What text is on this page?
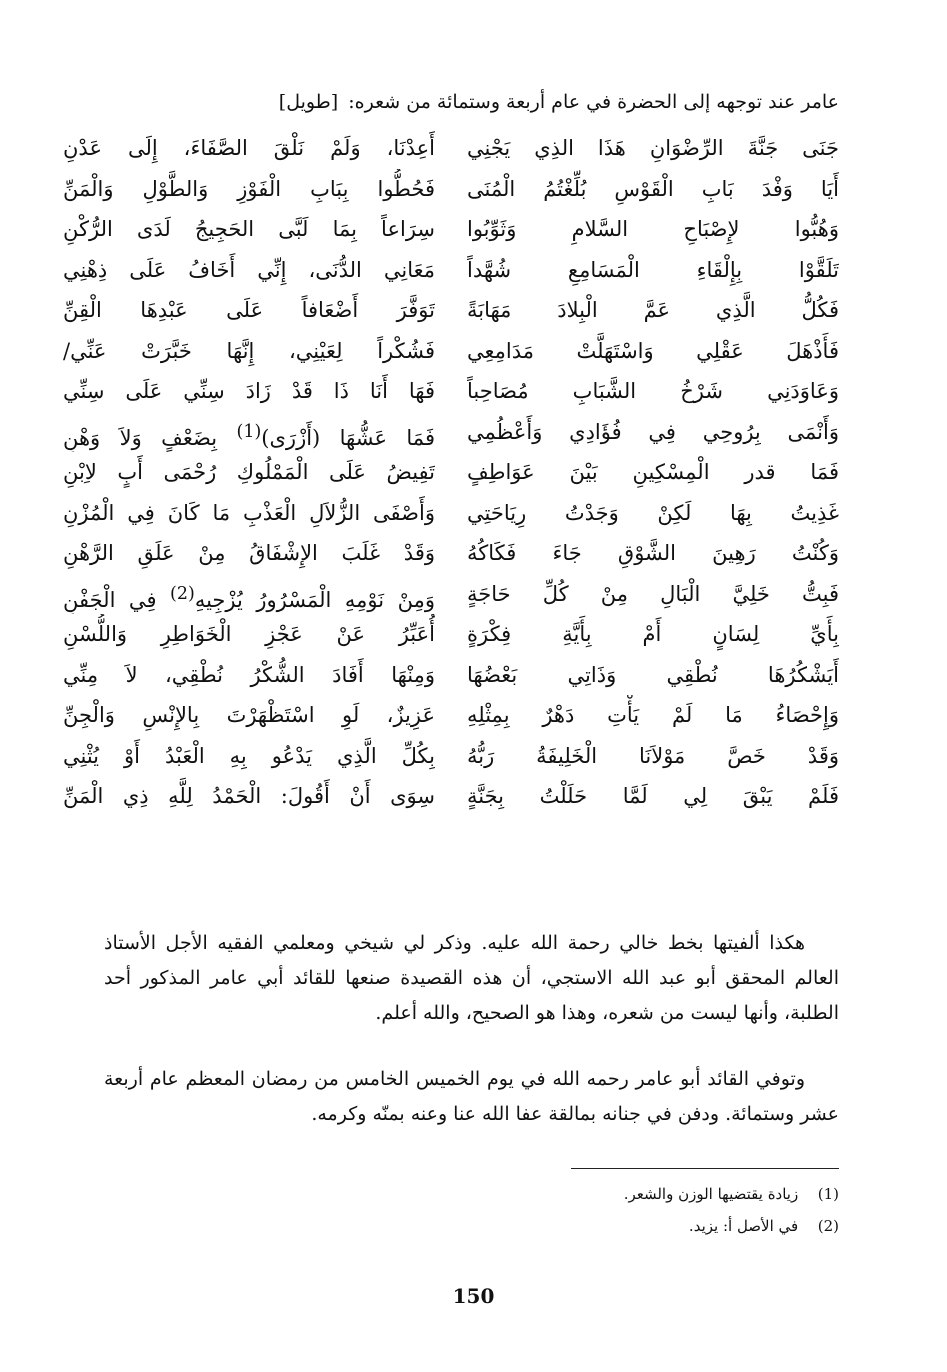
عامر عند توجهه إلى الحضرة في عام أربعة وستمائة من شعره: [طويل]
جَنَى جَنَّةَ الرِّضْوَانِ هَذَا الذِي يَجْنِي
أَعِدْنَا، وَلَمْ نَلْقَ الصَّفَاءَ، إِلَى عَدْنِ
أَيَا وَفْدَ بَابِ الْقَوْسِ بُلِّغْتُمُ الْمُنَى
فَحُطُّوا بِبَابِ الْفَوْزِ وَالطَّوْلِ وَالْمَنِّ
وَهُبُّوا لإِصْبَاحِ السَّلامِ وَثَوِّبُوا
سِرَاعاً بِمَا لَبَّى الحَجِيجُ لَدَى الرُّكْنِ
تَلَقَّوْا بِإِلْقَاءِ الْمَسَامِعِ شُهَّداً
مَعَانِي الدُّنَى، إِنِّي أَخَافُ عَلَى ذِهْنِي
فَكُلُّ الَّذِي عَمَّ الْبِلادَ مَهَابَةً
تَوَفَّرَ أَضْعَافاً عَلَى عَبْدِهَا الْقِنِّ
فَأَذْهَلَ عَقْلِي وَاسْتَهَلَّتْ مَدَامِعِي
فَشُكْراً لِعَيْنِي، إِنَّهَا خَبَّرَتْ عَنِّي/
وَعَاوَدَنِي شَرْخُ الشَّبَابِ مُصَاحِباً
فَهَا أَنَا ذَا قَدْ زَادَ سِنِّي عَلَى سِنِّي
وَأَنْمَى بِرُوحِي فِي فُؤَادِي وَأَعْظُمِي
فَمَا عَشُّهَا (أَزْرَى)$^{(1)}$ بِضَعْفٍ وَلاَ وَهْنِ
فَمَا قدر الْمِسْكِينِ بَيْنَ عَوَاطِفٍ
تَفِيضُ عَلَى الْمَمْلُوكِ رُحْمَى أَبٍ لاِبْنِ
غَذِيتُ بِهَا لَكِنْ وَجَدْتُ رِيَاحَتِي
وَأَصْفَى الزُّلاَلِ الْعَذْبِ مَا كَانَ فِي الْمُزْنِ
وَكُنْتُ رَهِينَ الشَّوْقِ جَاءَ فَكَاكُهُ
وَقَدْ غَلَبَ الإِشْفَاقُ مِنْ عَلَقِ الرَّهْنِ
فَبِتُّ خَلِيَّ الْبَالِ مِنْ كُلِّ حَاجَةٍ
وَمِنْ نَوْمِهِ الْمَسْرُورُ يُزْجِيهِ$^{(2)}$ فِي الْجَفْنِ
بِأَيِّ لِسَانٍ أَمْ بِأَيَّةِ فِكْرَةٍ
أُعَبِّرُ عَنْ عَجْزِ الْخَوَاطِرِ وَاللُّسْنِ
أَيَشْكُرُهَا نُطْقِي وَذَاتِي بَعْضُهَا
وَمِنْهَا أَفَادَ الشُّكْرُ نُطْقِي، لاَ مِنِّي
وَإِحْصَاءُ مَا لَمْ يَأْتِ دَهْرٌ بِمِثْلِهِ
عَزِيزٌ، لَوِ اسْتَظْهَرْتَ بِالإِنْسِ وَالْجِنِّ
وَقَدْ خَصَّ مَوْلاَنَا الْخَلِيفَةُ رَبُّهُ
بِكُلِّ الَّذِي يَدْعُو بِهِ الْعَبْدُ أَوْ يُثْنِي
فَلَمْ يَبْقَ لِي لَمَّا حَلَلْتُ بِجَنَّةٍ
سِوَى أَنْ أَقُولَ: الْحَمْدُ لِلَّهِ ذِي الْمَنِّ

هكذا ألفيتها بخط خالي رحمة الله عليه. وذكر لي شيخي ومعلمي الفقيه الأجل الأستاذ العالم المحقق أبو عبد الله الاستجي، أن هذه القصيدة صنعها للقائد أبي عامر المذكور أحد الطلبة، وأنها ليست من شعره، وهذا هو الصحيح، والله أعلم.

وتوفي القائد أبو عامر رحمه الله في يوم الخميس الخامس من رمضان المعظم عام أربعة عشر وستمائة. ودفن في جنانه بمالقة عفا الله عنا وعنه بمنّه وكرمه.

(1) زيادة يقتضيها الوزن والشعر.
(2) في الأصل أ: يزيد.
150
